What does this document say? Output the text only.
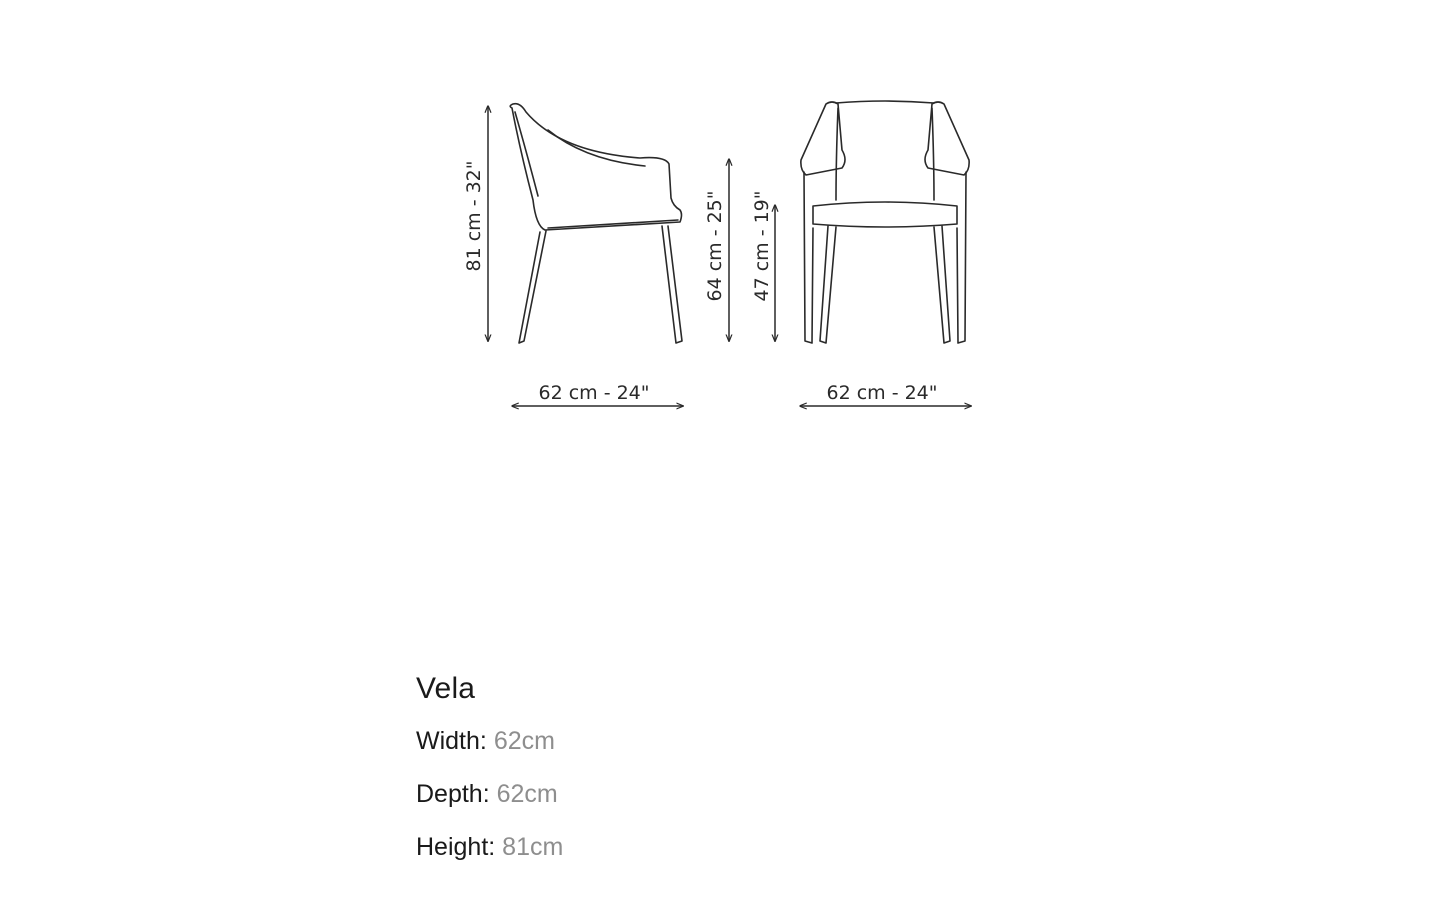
81 cm - 32"	64 cm - 25" 47 cm - 19"
62 cm - 24"	62 cm - 24"
Vela
Width: 62cm
Depth: 62cm
Height: 81cm
